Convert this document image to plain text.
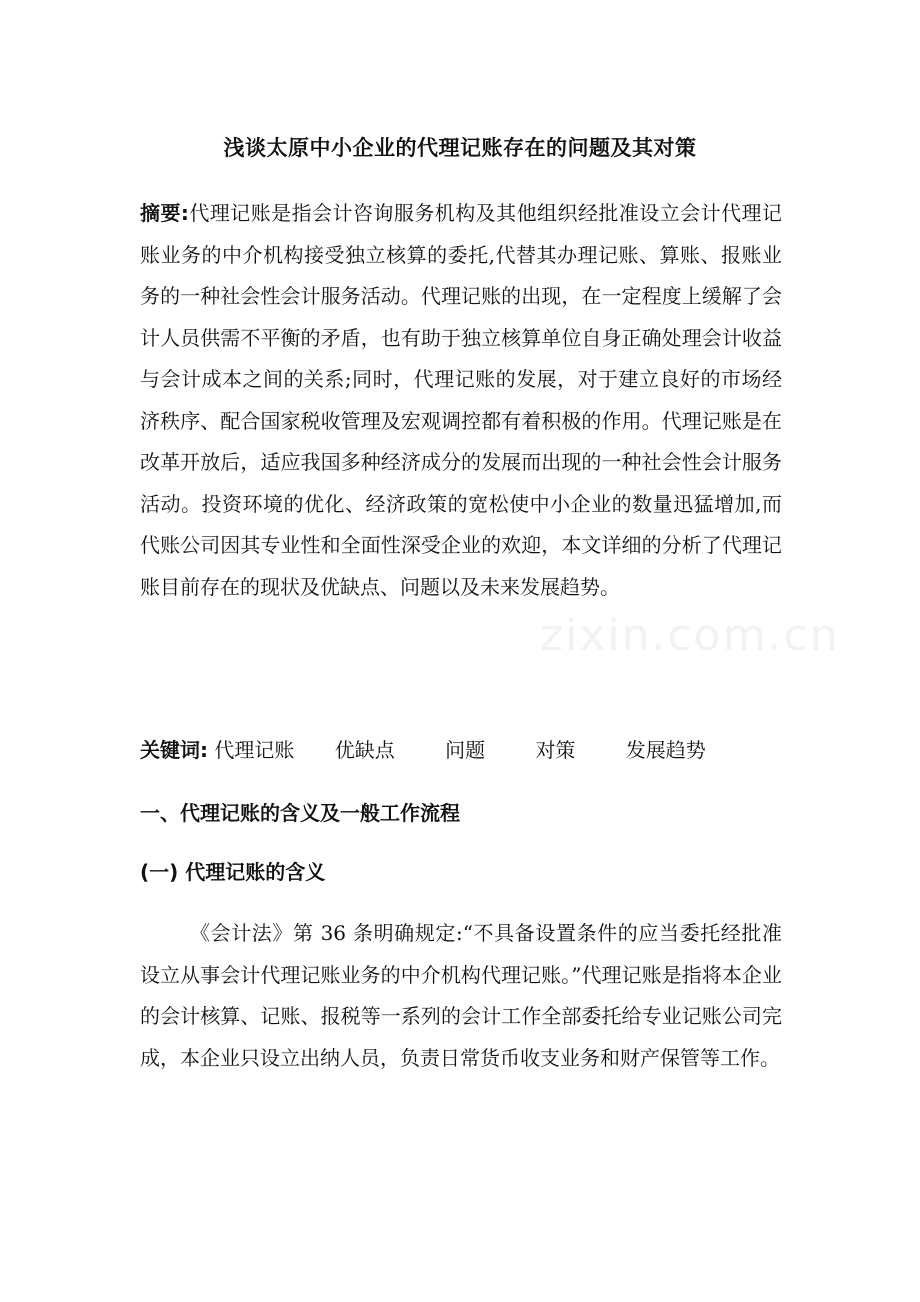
浅谈太原中小企业的代理记账存在的问题及其对策

摘要:代理记账是指会计咨询服务机构及其他组织经批准设立会计代理记账业务的中介机构接受独立核算的委托,代替其办理记账、算账、报账业务的一种社会性会计服务活动。代理记账的出现，在一定程度上缓解了会计人员供需不平衡的矛盾，也有助于独立核算单位自身正确处理会计收益与会计成本之间的关系;同时，代理记账的发展，对于建立良好的市场经济秩序、配合国家税收管理及宏观调控都有着积极的作用。代理记账是在改革开放后，适应我国多种经济成分的发展而出现的一种社会性会计服务活动。投资环境的优化、经济政策的宽松使中小企业的数量迅猛增加,而代账公司因其专业性和全面性深受企业的欢迎，本文详细的分析了代理记账目前存在的现状及优缺点、问题以及未来发展趋势。

关键词: 代理记账 优缺点	问题	对策	发展趋势
一、代理记账的含义及一般工作流程
(一) 代理记账的含义

《会计法》第 36 条明确规定:“不具备设置条件的应当委托经批准设立从事会计代理记账业务的中介机构代理记账。”代理记账是指将本企业的会计核算、记账、报税等一系列的会计工作全部委托给专业记账公司完成，本企业只设立出纳人员，负责日常货币收支业务和财产保管等工作。

zixin.com.cn
